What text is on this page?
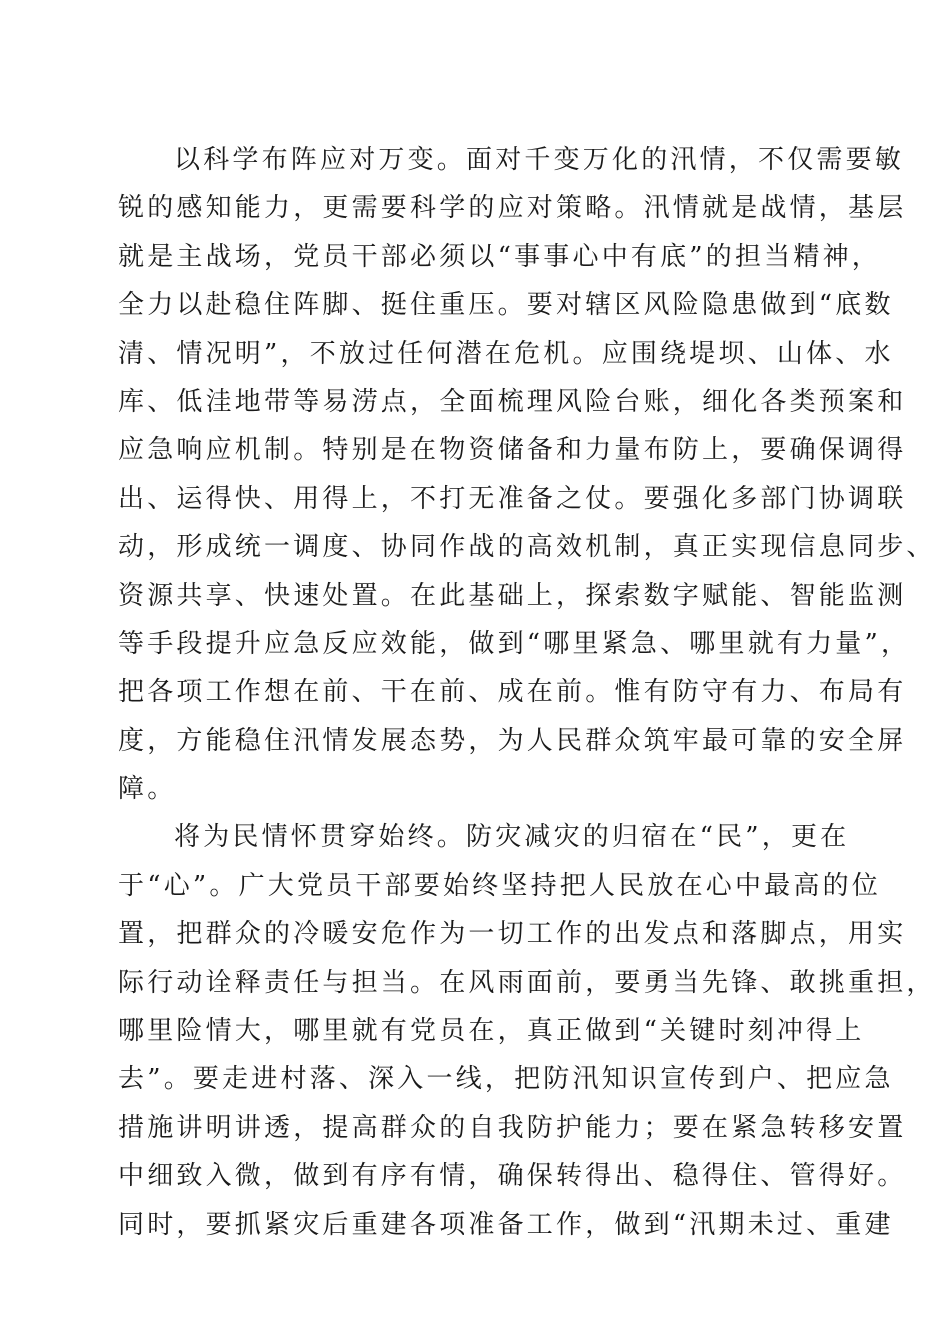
以科学布阵应对万变。面对千变万化的汛情，不仅需要敏
锐的感知能力，更需要科学的应对策略。汛情就是战情，基层
就是主战场，党员干部必须以“事事心中有底”的担当精神，
全力以赴稳住阵脚、挺住重压。要对辖区风险隐患做到“底数
清、情况明”，不放过任何潜在危机。应围绕堤坝、山体、水
库、低洼地带等易涝点，全面梳理风险台账，细化各类预案和
应急响应机制。特别是在物资储备和力量布防上，要确保调得
出、运得快、用得上，不打无准备之仗。要强化多部门协调联
动，形成统一调度、协同作战的高效机制，真正实现信息同步、
资源共享、快速处置。在此基础上，探索数字赋能、智能监测
等手段提升应急反应效能，做到“哪里紧急、哪里就有力量”，
把各项工作想在前、干在前、成在前。惟有防守有力、布局有
度，方能稳住汛情发展态势，为人民群众筑牢最可靠的安全屏
障。
将为民情怀贯穿始终。防灾减灾的归宿在“民”，更在
于“心”。广大党员干部要始终坚持把人民放在心中最高的位
置，把群众的冷暖安危作为一切工作的出发点和落脚点，用实
际行动诠释责任与担当。在风雨面前，要勇当先锋、敢挑重担，
哪里险情大，哪里就有党员在，真正做到“关键时刻冲得上
去”。要走进村落、深入一线，把防汛知识宣传到户、把应急
措施讲明讲透，提高群众的自我防护能力；要在紧急转移安置
中细致入微，做到有序有情，确保转得出、稳得住、管得好。
同时，要抓紧灾后重建各项准备工作，做到“汛期未过、重建
